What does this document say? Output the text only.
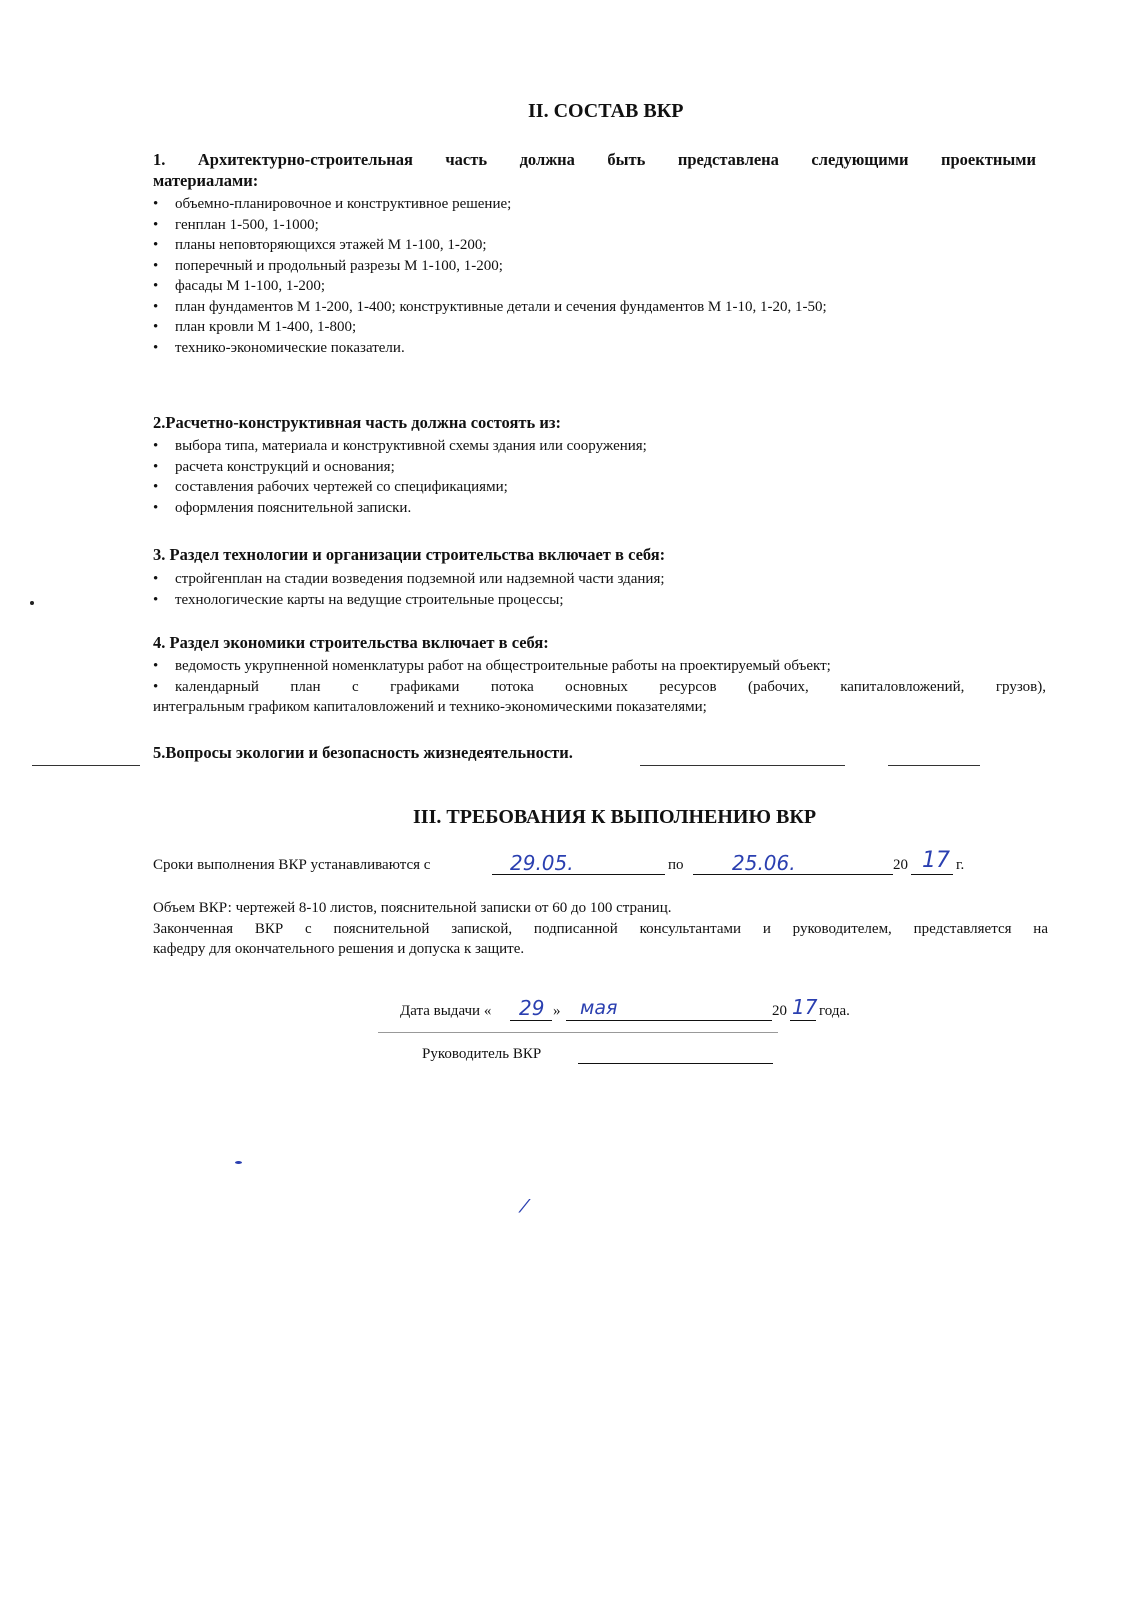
II. СОСТАВ ВКР
1. Архитектурно-строительная часть должна быть представлена следующими проектными
материалами:
• объемно-планировочное и конструктивное решение;
• генплан 1-500, 1-1000;
• планы неповторяющихся этажей М 1-100, 1-200;
• поперечный и продольный разрезы М 1-100, 1-200;
• фасады М 1-100, 1-200;
• план фундаментов М 1-200, 1-400; конструктивные детали и сечения фундаментов М 1-10, 1-20, 1-50;
• план кровли М 1-400, 1-800;
• технико-экономические показатели.
2.Расчетно-конструктивная часть должна состоять из:
• выбора типа, материала и конструктивной схемы здания или сооружения;
• расчета конструкций и основания;
• составления рабочих чертежей со спецификациями;
• оформления пояснительной записки.
3. Раздел технологии и организации строительства включает в себя:
• стройгенплан на стадии возведения подземной или надземной части здания;
• технологические карты на ведущие строительные процессы;
4. Раздел экономики строительства включает в себя:
• ведомость укрупненной номенклатуры работ на общестроительные работы на проектируемый объект;
• календарный план с графиками потока основных ресурсов (рабочих, капиталовложений, грузов),
интегральным графиком капиталовложений и технико-экономическими показателями;
5.Вопросы экологии и безопасность жизнедеятельности.
III. ТРЕБОВАНИЯ К ВЫПОЛНЕНИЮ ВКР
Сроки выполнения ВКР устанавливаются с	29.05.	по 25.06.	20 17 г.
Объем ВКР: чертежей 8-10 листов, пояснительной записки от 60 до 100 страниц.
Законченная ВКР с пояснительной запиской, подписанной консультантами и руководителем, представляется на
кафедру для окончательного решения и допуска к защите.
Дата выдачи « 29 » мая	20 17 года.
Руководитель ВКР
⁄
